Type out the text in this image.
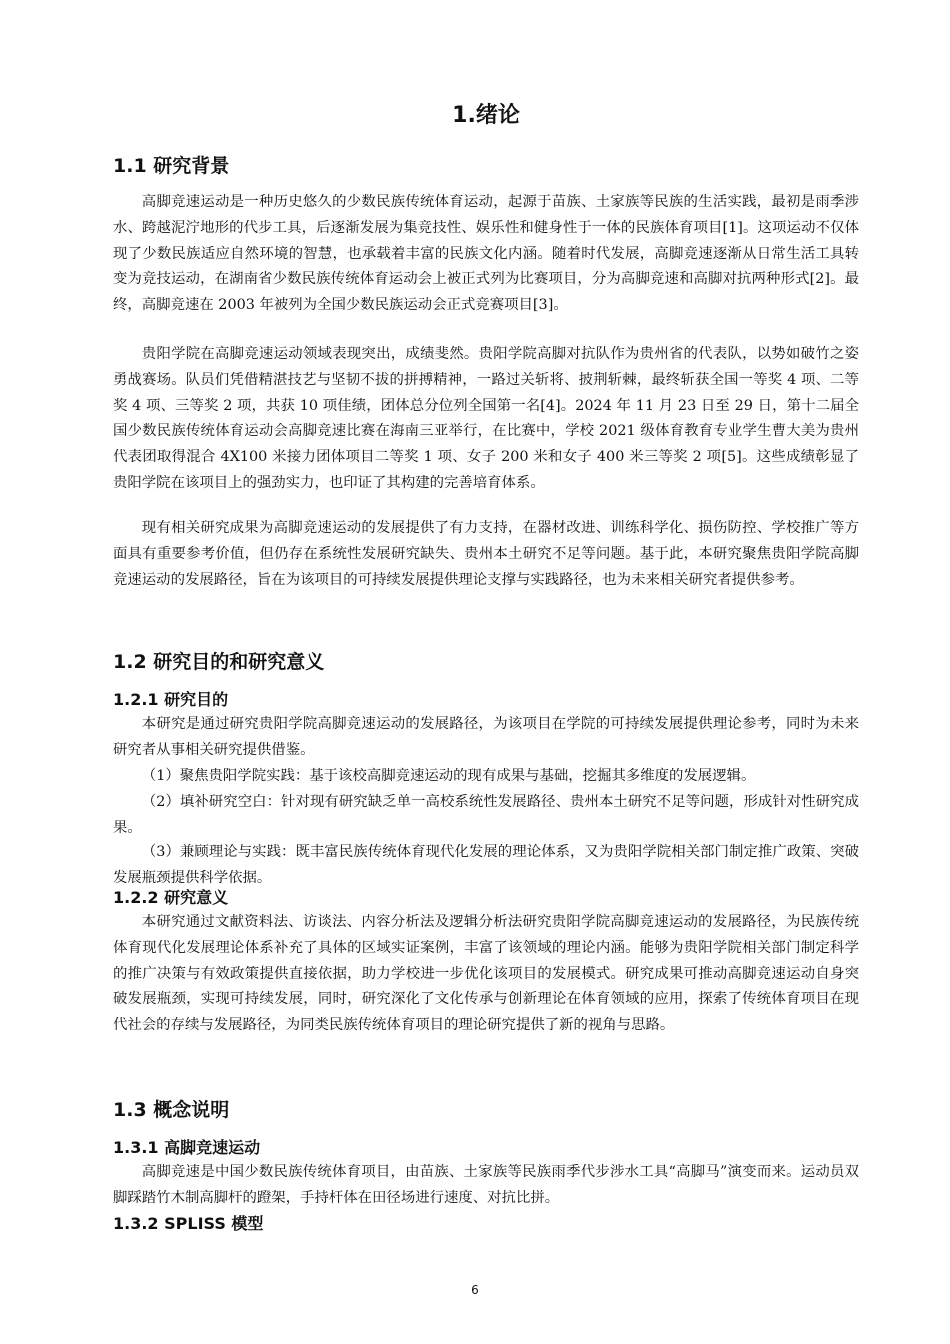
1.绪论
1.1 研究背景

高脚竞速运动是一种历史悠久的少数民族传统体育运动，起源于苗族、土家族等民族的生活实践，最初是雨季涉水、跨越泥泞地形的代步工具，后逐渐发展为集竞技性、娱乐性和健身性于一体的民族体育项目[1]。这项运动不仅体现了少数民族适应自然环境的智慧，也承载着丰富的民族文化内涵。随着时代发展，高脚竞速逐渐从日常生活工具转变为竞技运动，在湖南省少数民族传统体育运动会上被正式列为比赛项目，分为高脚竞速和高脚对抗两种形式[2]。最终，高脚竞速在 2003 年被列为全国少数民族运动会正式竞赛项目[3]。

贵阳学院在高脚竞速运动领域表现突出，成绩斐然。贵阳学院高脚对抗队作为贵州省的代表队，以势如破竹之姿勇战赛场。队员们凭借精湛技艺与坚韧不拔的拼搏精神，一路过关斩将、披荆斩棘，最终斩获全国一等奖 4 项、二等奖 4 项、三等奖 2 项，共获 10 项佳绩，团体总分位列全国第一名[4]。2024 年 11 月 23 日至 29 日，第十二届全国少数民族传统体育运动会高脚竞速比赛在海南三亚举行，在比赛中，学校 2021 级体育教育专业学生曹大美为贵州代表团取得混合 4X100 米接力团体项目二等奖 1 项、女子 200 米和女子 400 米三等奖 2 项[5]。这些成绩彰显了贵阳学院在该项目上的强劲实力，也印证了其构建的完善培育体系。

现有相关研究成果为高脚竞速运动的发展提供了有力支持，在器材改进、训练科学化、损伤防控、学校推广等方面具有重要参考价值，但仍存在系统性发展研究缺失、贵州本土研究不足等问题。基于此，本研究聚焦贵阳学院高脚竞速运动的发展路径，旨在为该项目的可持续发展提供理论支撑与实践路径，也为未来相关研究者提供参考。

1.2 研究目的和研究意义
1.2.1 研究目的

本研究是通过研究贵阳学院高脚竞速运动的发展路径，为该项目在学院的可持续发展提供理论参考，同时为未来研究者从事相关研究提供借鉴。

（1）聚焦贵阳学院实践：基于该校高脚竞速运动的现有成果与基础，挖掘其多维度的发展逻辑。

（2）填补研究空白：针对现有研究缺乏单一高校系统性发展路径、贵州本土研究不足等问题，形成针对性研究成果。

（3）兼顾理论与实践：既丰富民族传统体育现代化发展的理论体系，又为贵阳学院相关部门制定推广政策、突破发展瓶颈提供科学依据。

1.2.2 研究意义

本研究通过文献资料法、访谈法、内容分析法及逻辑分析法研究贵阳学院高脚竞速运动的发展路径，为民族传统体育现代化发展理论体系补充了具体的区域实证案例，丰富了该领域的理论内涵。能够为贵阳学院相关部门制定科学的推广决策与有效政策提供直接依据，助力学校进一步优化该项目的发展模式。研究成果可推动高脚竞速运动自身突破发展瓶颈，实现可持续发展，同时，研究深化了文化传承与创新理论在体育领域的应用，探索了传统体育项目在现代社会的存续与发展路径，为同类民族传统体育项目的理论研究提供了新的视角与思路。

1.3 概念说明
1.3.1 高脚竞速运动

高脚竞速是中国少数民族传统体育项目，由苗族、土家族等民族雨季代步涉水工具“高脚马”演变而来。运动员双脚踩踏竹木制高脚杆的蹬架，手持杆体在田径场进行速度、对抗比拼。

1.3.2 SPLISS 模型
6
